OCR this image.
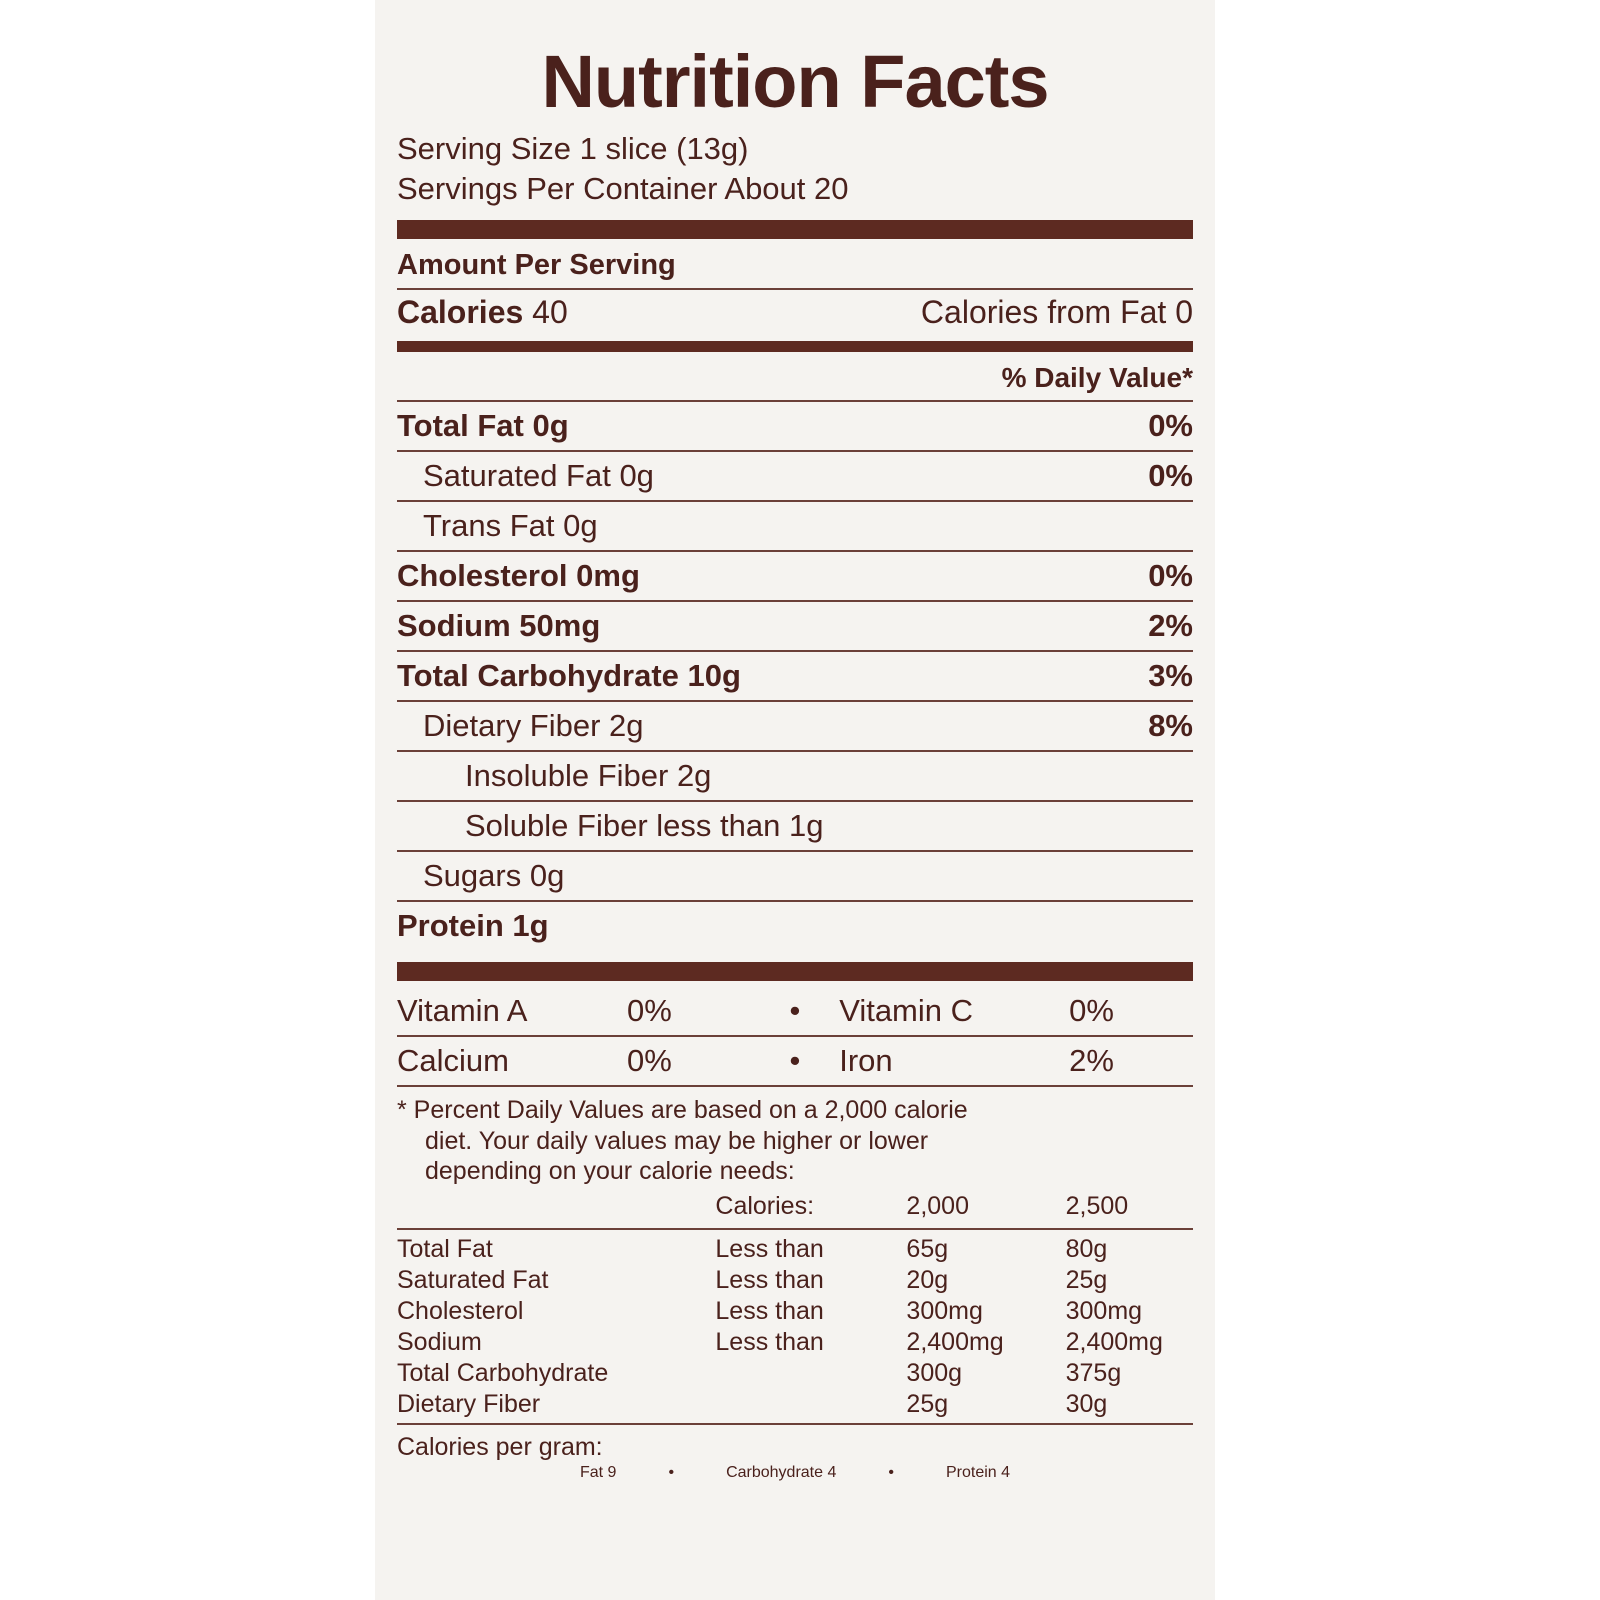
Nutrition Facts
Serving Size 1 slice (13g)
Servings Per Container About 20
Amount Per Serving
Calories 40	Calories from Fat 0
% Daily Value*
Total Fat 0g	0%
Saturated Fat 0g	0%
Trans Fat 0g
Cholesterol 0mg	0%
Sodium 50mg	2%
Total Carbohydrate 10g	3%
Dietary Fiber 2g	8%
Insoluble Fiber 2g
Soluble Fiber less than 1g
Sugars 0g
Protein 1g
Vitamin A	0%	•	Vitamin C	0%
Calcium	0%	•	Iron	2%
* Percent Daily Values are based on a 2,000 calorie
diet. Your daily values may be higher or lower
depending on your calorie needs:
	Calories:	2,000	2,500
Total Fat	Less than	65g	80g
Saturated Fat	Less than	20g	25g
Cholesterol	Less than	300mg	300mg
Sodium	Less than	2,400mg	2,400mg
Total Carbohydrate		300g	375g
Dietary Fiber		25g	30g
Calories per gram:
Fat 9	•	Carbohydrate 4	•	Protein 4
